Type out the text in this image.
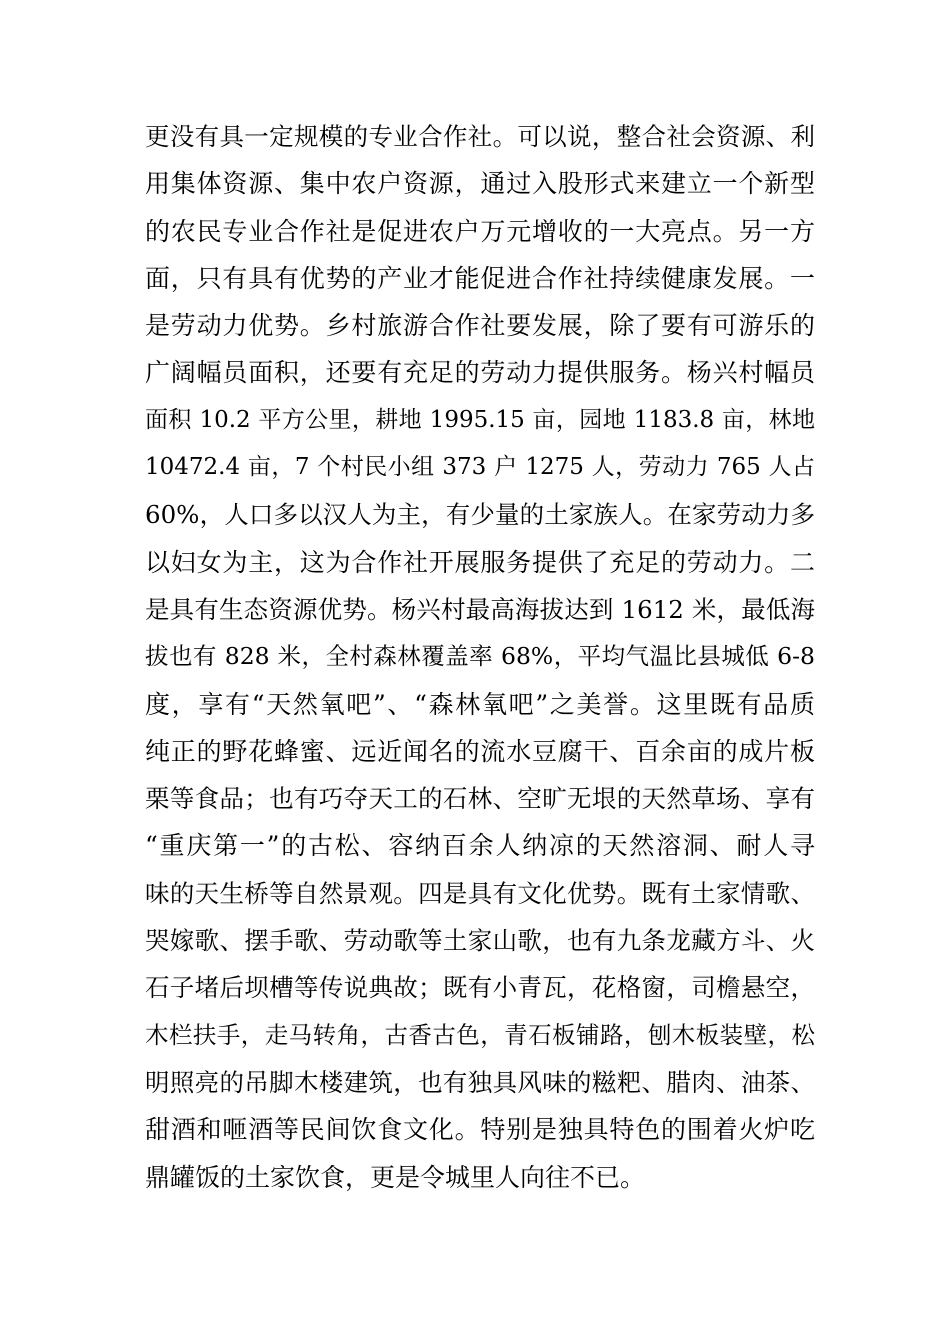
更没有具一定规模的专业合作社。可以说，整合社会资源、利
用集体资源、集中农户资源，通过入股形式来建立一个新型
的农民专业合作社是促进农户万元增收的一大亮点。另一方
面，只有具有优势的产业才能促进合作社持续健康发展。一
是劳动力优势。乡村旅游合作社要发展，除了要有可游乐的
广阔幅员面积，还要有充足的劳动力提供服务。杨兴村幅员
面积 10.2 平方公里，耕地 1995.15 亩，园地 1183.8 亩，林地
10472.4 亩，7 个村民小组 373 户 1275 人，劳动力 765 人占
60%，人口多以汉人为主，有少量的土家族人。在家劳动力多
以妇女为主，这为合作社开展服务提供了充足的劳动力。二
是具有生态资源优势。杨兴村最高海拔达到 1612 米，最低海
拔也有 828 米，全村森林覆盖率 68%，平均气温比县城低 6-8
度，享有“天然氧吧”、“森林氧吧”之美誉。这里既有品质
纯正的野花蜂蜜、远近闻名的流水豆腐干、百余亩的成片板
栗等食品；也有巧夺天工的石林、空旷无垠的天然草场、享有
“重庆第一”的古松、容纳百余人纳凉的天然溶洞、耐人寻
味的天生桥等自然景观。四是具有文化优势。既有土家情歌、
哭嫁歌、摆手歌、劳动歌等土家山歌，也有九条龙藏方斗、火
石子堵后坝槽等传说典故；既有小青瓦，花格窗，司檐悬空，
木栏扶手，走马转角，古香古色，青石板铺路，刨木板装壁，松
明照亮的吊脚木楼建筑，也有独具风味的糍粑、腊肉、油茶、
甜酒和咂酒等民间饮食文化。特别是独具特色的围着火炉吃
鼎罐饭的土家饮食，更是令城里人向往不已。
